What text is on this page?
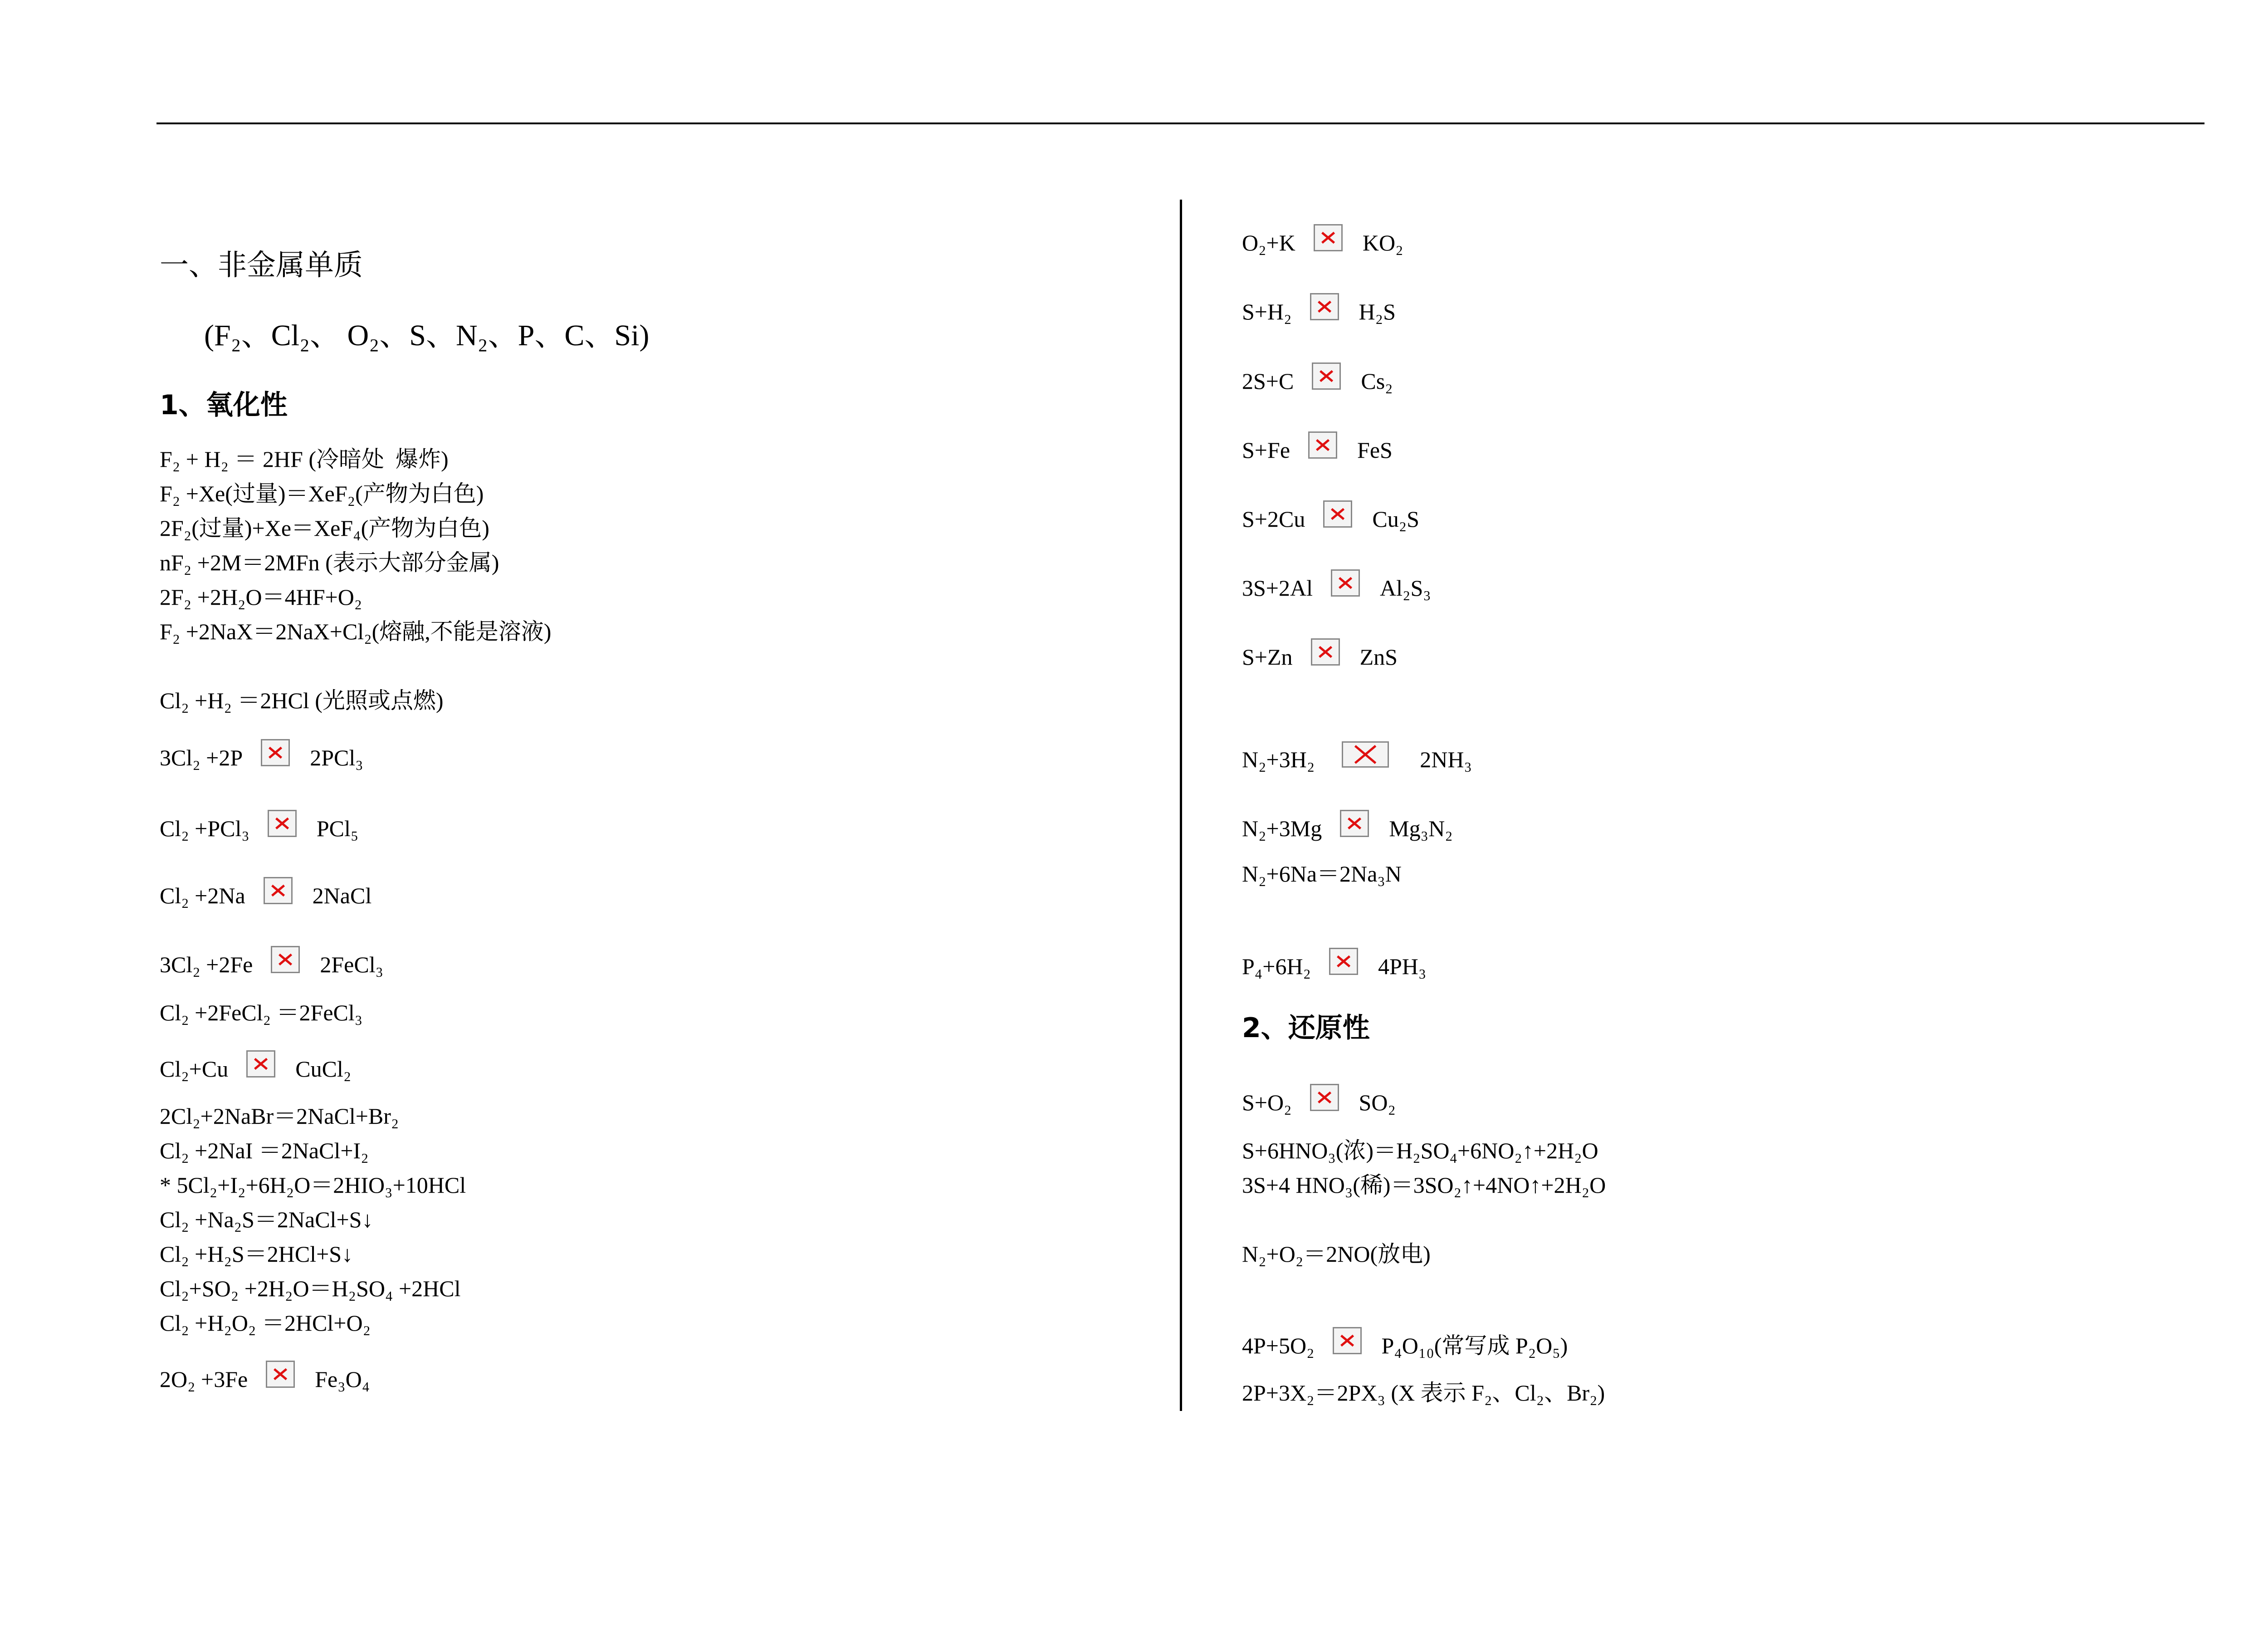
一、非金属单质
(F₂、Cl₂、 O₂、S、N₂、P、C、Si)
1、氧化性
F₂ + H₂ ＝ 2HF (冷暗处  爆炸)
F₂ +Xe(过量)＝XeF₂(产物为白色)
2F₂(过量)+Xe＝XeF₄(产物为白色)
nF₂ +2M＝2MFn (表示大部分金属)
2F₂ +2H₂O＝4HF+O₂
F₂ +2NaX＝2NaX+Cl₂(熔融,不能是溶液)
Cl₂ +H₂ ＝2HCl (光照或点燃)
3Cl₂ +2P	2PCl₃
Cl₂ +PCl₃	PCl₅
Cl₂ +2Na	2NaCl
3Cl₂ +2Fe	2FeCl₃
Cl₂ +2FeCl₂ ＝2FeCl₃
Cl₂+Cu	CuCl₂
2Cl₂+2NaBr＝2NaCl+Br₂
Cl₂ +2NaI ＝2NaCl+I₂
* 5Cl₂+I₂+6H₂O＝2HIO₃+10HCl
Cl₂ +Na₂S＝2NaCl+S↓
Cl₂ +H₂S＝2HCl+S↓
Cl₂+SO₂ +2H₂O＝H₂SO₄ +2HCl
Cl₂ +H₂O₂ ＝2HCl+O₂
2O₂ +3Fe	Fe₃O₄
O₂+K	KO₂
S+H₂	H₂S
2S+C	Cs₂
S+Fe	FeS
S+2Cu	Cu₂S
3S+2Al	Al₂S₃
S+Zn	ZnS
N₂+3H₂	2NH₃
N₂+3Mg	Mg₃N₂
N₂+6Na＝2Na₃N
P₄+6H₂	4PH₃
2、还原性
S+O₂	SO₂
S+6HNO₃(浓)＝H₂SO₄+6NO₂↑+2H₂O
3S+4 HNO₃(稀)＝3SO₂↑+4NO↑+2H₂O
N₂+O₂＝2NO(放电)
4P+5O₂	P₄O₁₀(常写成 P₂O₅)
2P+3X₂＝2PX₃ (X 表示 F₂、Cl₂、Br₂)
